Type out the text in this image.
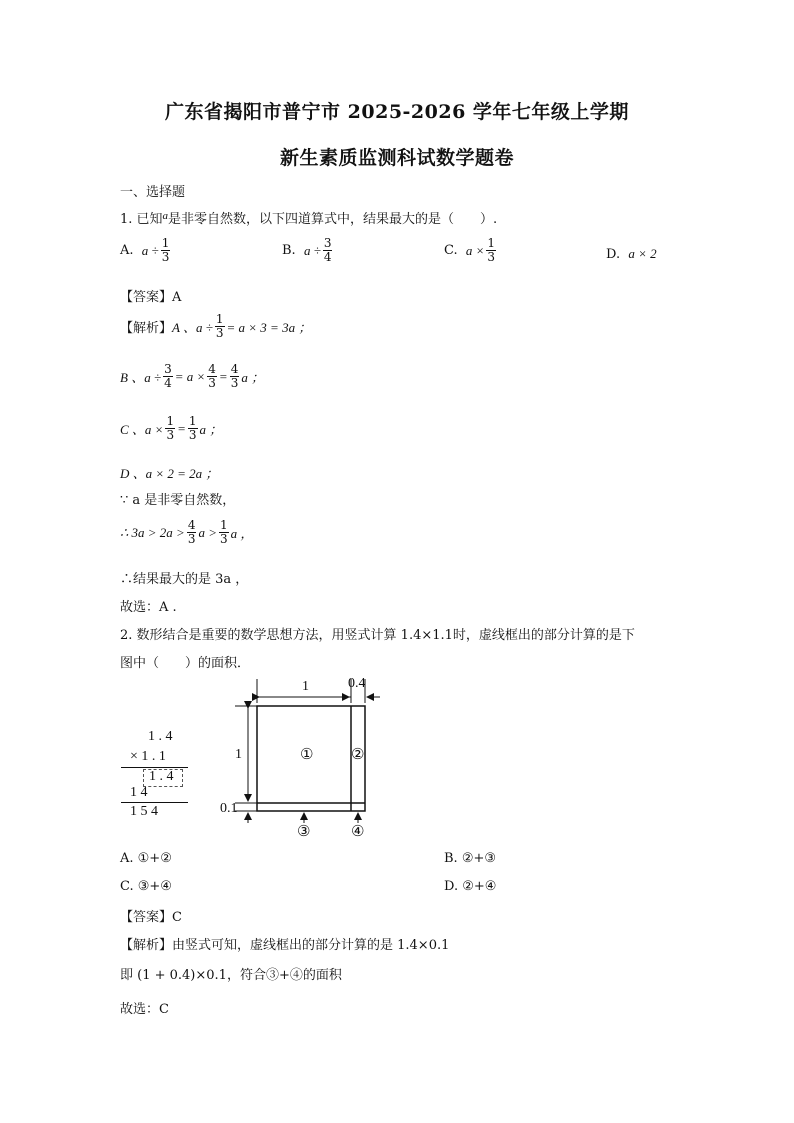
广东省揭阳市普宁市 2025-2026 学年七年级上学期
新生素质监测科试数学题卷
一、选择题
1. 已知$^a$是非零自然数，以下四道算式中，结果最大的是（　　）.
A.
$a \div \frac{1}{3}$	B.
$a \div \frac{3}{4}$	C.
$a \times \frac{1}{3}$	D. a × 2
【答案】A
【解析】 A 、$a \div \frac{1}{3} = a \times 3 = 3a$ ；
B 、$a \div \frac{3}{4} = a \times \frac{4}{3} = \frac{4}{3}$ a ；
C 、$a \times \frac{1}{3} = \frac{1}{3}$ a ；
D 、a × 2 = 2a ；
∵ a 是非零自然数，
∴ $3a > 2a > \frac{4}{3}$ $a > \frac{1}{3}$ a ，
∴结果最大的是 3a ，
故选：A .
2. 数形结合是重要的数学思想方法，用竖式计算 1.4×1.1时，虚线框出的部分计算的是下
图中（　　）的面积．
1 . 4
× 1 . 1
1 . 4
1 4
1 5 4
1	0.4
1
0.1
①	②
③	④
A. ①+②	B. ②+③
C. ③+④	D. ②+④
【答案】C
【解析】由竖式可知，虚线框出的部分计算的是 1.4×0.1
即 (1 + 0.4)×0.1，符合③+④的面积
故选：C
